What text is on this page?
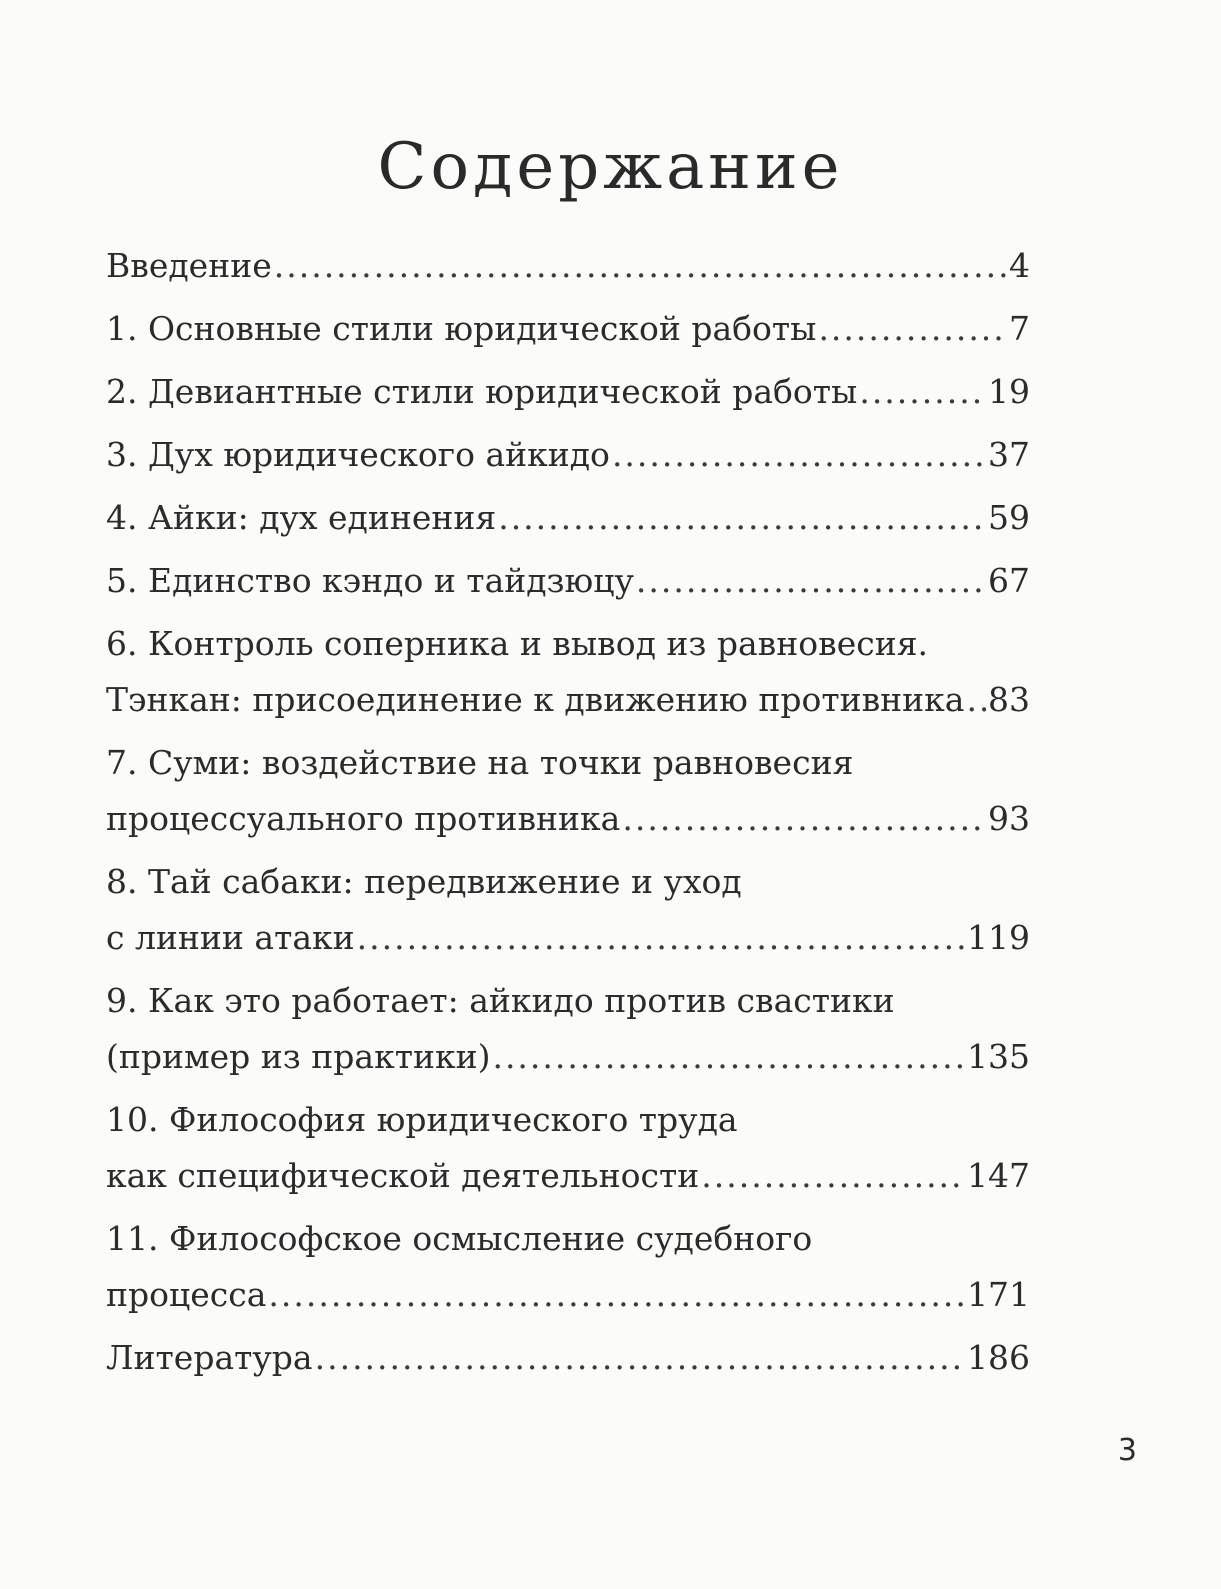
Содержание
Введение .....	4
1. Основные стили юридической работы .....	7
2. Девиантные стили юридической работы .....	19
3. Дух юридического айкидо .....	37
4. Айки: дух единения .....	59
5. Единство кэндо и тайдзюцу .....	67
6. Контроль соперника и вывод из равновесия.
Тэнкан: присоединение к движению противника ..... 83
7. Суми: воздействие на точки равновесия
процессуального противника .....	93
8. Тай сабаки: передвижение и уход
с линии атаки .....	119
9. Как это работает: айкидо против свастики
(пример из практики) .....	135
10. Философия юридического труда
как специфической деятельности .....	147
11. Философское осмысление судебного
процесса .....	171
Литература .....	186
3
